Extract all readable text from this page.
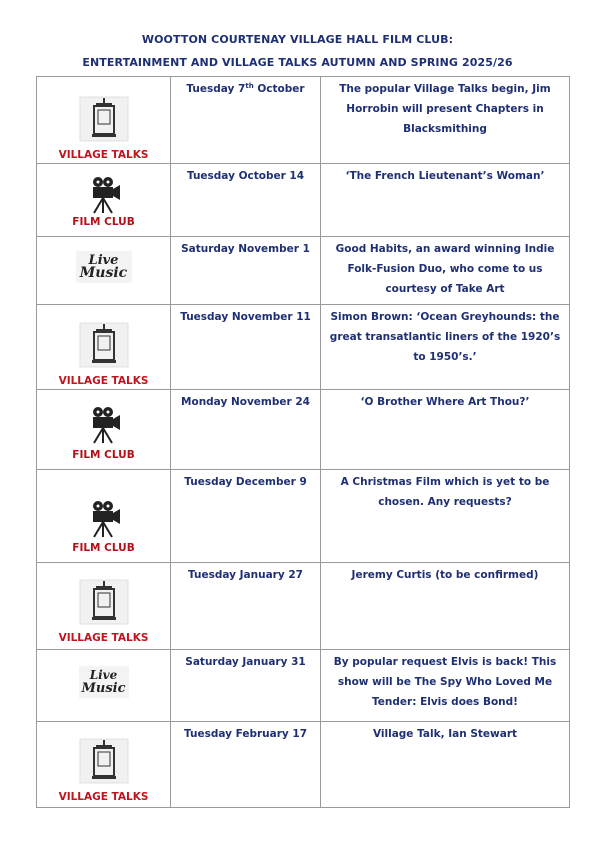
WOOTTON COURTENAY VILLAGE HALL FILM CLUB:
ENTERTAINMENT AND VILLAGE TALKS AUTUMN AND SPRING 2025/26
VILLAGE TALKS	Tuesday 7th October	The popular Village Talks begin, Jim Horrobin will present Chapters in Blacksmithing

FILM CLUB	Tuesday October 14	‘The French Lieutenant’s Woman’

Live
Music	Saturday November 1	Good Habits, an award winning Indie Folk-Fusion Duo, who come to us courtesy of Take Art

VILLAGE TALKS	Tuesday November 11	Simon Brown: ‘Ocean Greyhounds: the great transatlantic liners of the 1920’s to 1950’s.’

FILM CLUB	Monday November 24	‘O Brother Where Art Thou?’

FILM CLUB	Tuesday December 9	A Christmas Film which is yet to be chosen. Any requests?

VILLAGE TALKS	Tuesday January 27	Jeremy Curtis (to be confirmed)

Live
Music	Saturday January 31	By popular request Elvis is back! This show will be The Spy Who Loved Me Tender: Elvis does Bond!

VILLAGE TALKS	Tuesday February 17	Village Talk, Ian Stewart
